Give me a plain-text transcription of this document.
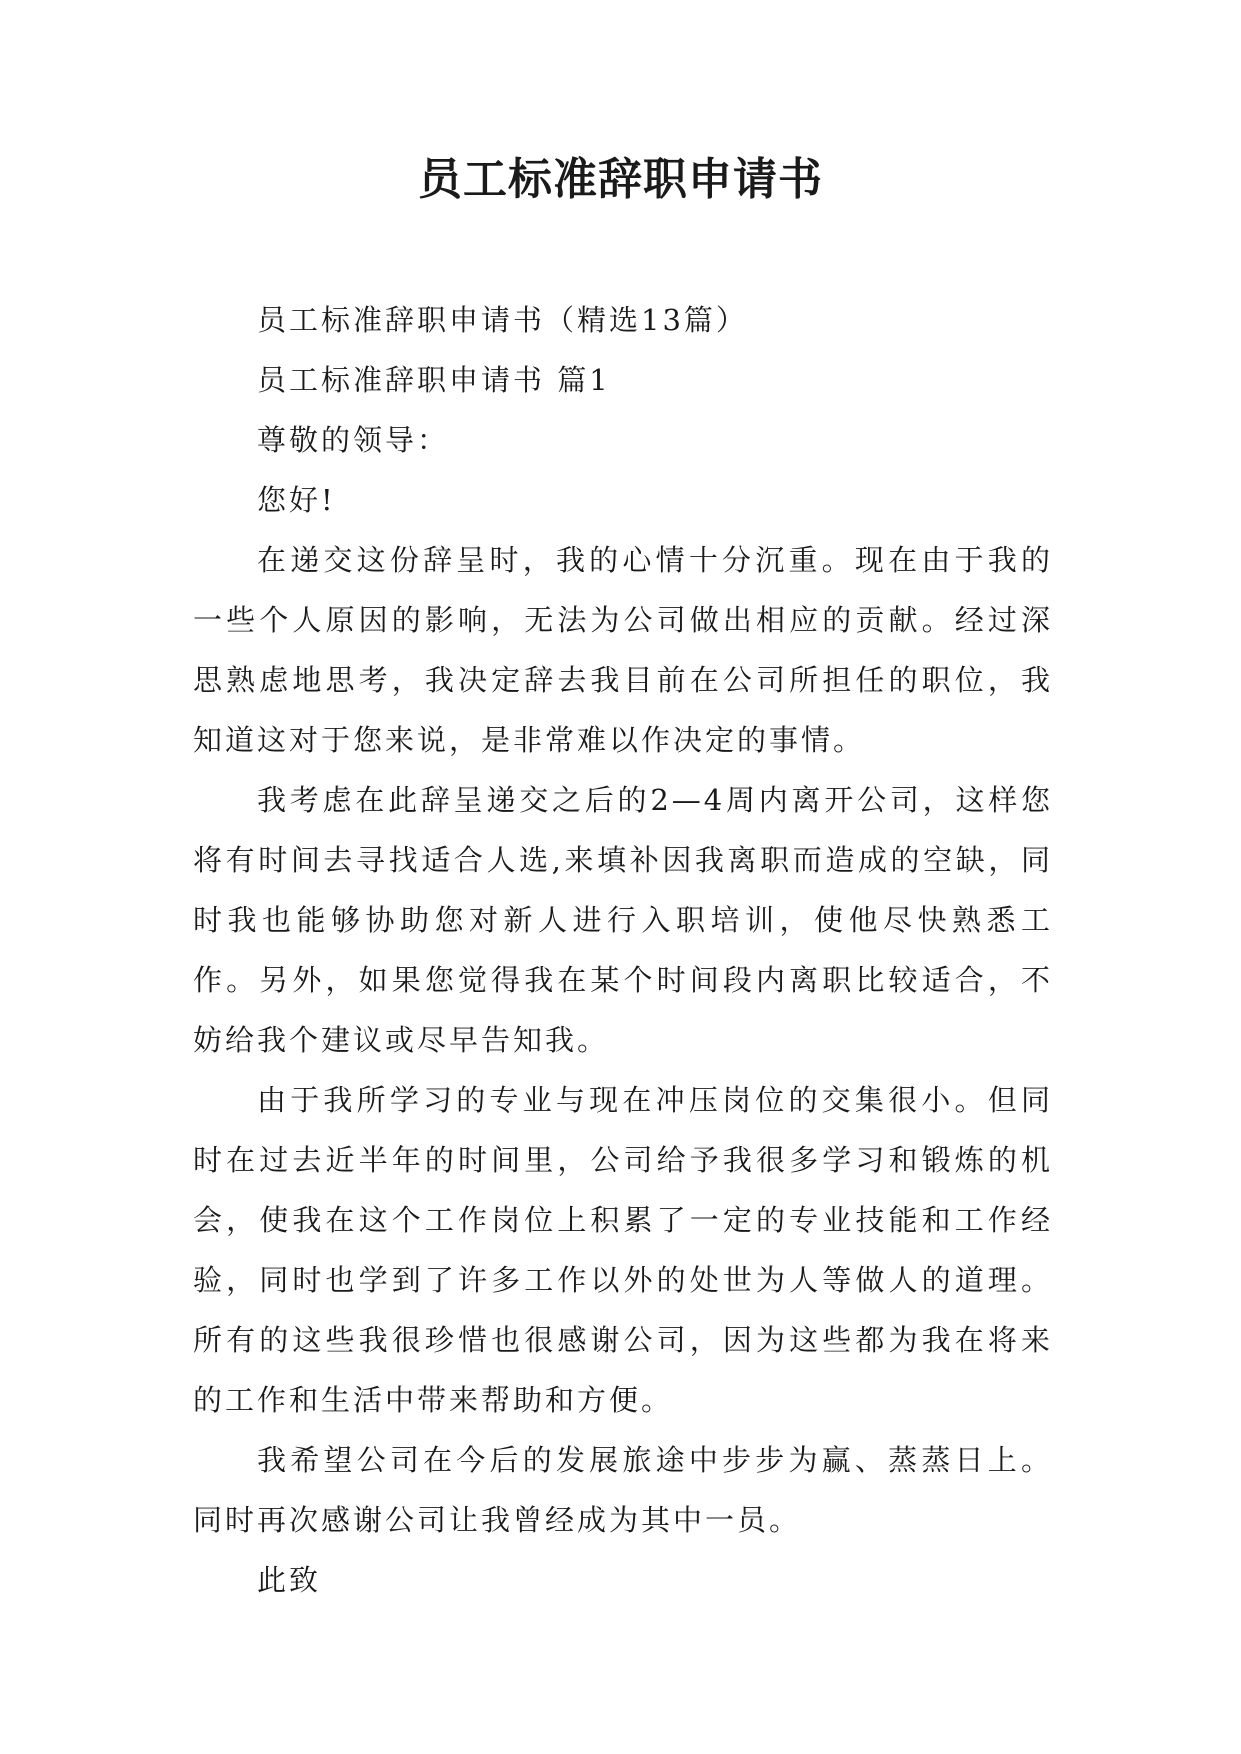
员工标准辞职申请书

员工标准辞职申请书（精选13篇）

员工标准辞职申请书 篇1

尊敬的领导：

您好!

在递交这份辞呈时，我的心情十分沉重。现在由于我的一些个人原因的影响，无法为公司做出相应的贡献。经过深思熟虑地思考，我决定辞去我目前在公司所担任的职位，我知道这对于您来说，是非常难以作决定的事情。

我考虑在此辞呈递交之后的2—4周内离开公司，这样您将有时间去寻找适合人选,来填补因我离职而造成的空缺，同时我也能够协助您对新人进行入职培训，使他尽快熟悉工作。另外，如果您觉得我在某个时间段内离职比较适合，不妨给我个建议或尽早告知我。

由于我所学习的专业与现在冲压岗位的交集很小。但同时在过去近半年的时间里，公司给予我很多学习和锻炼的机会，使我在这个工作岗位上积累了一定的专业技能和工作经验，同时也学到了许多工作以外的处世为人等做人的道理。所有的这些我很珍惜也很感谢公司，因为这些都为我在将来的工作和生活中带来帮助和方便。

我希望公司在今后的发展旅途中步步为赢、蒸蒸日上。同时再次感谢公司让我曾经成为其中一员。

此致
